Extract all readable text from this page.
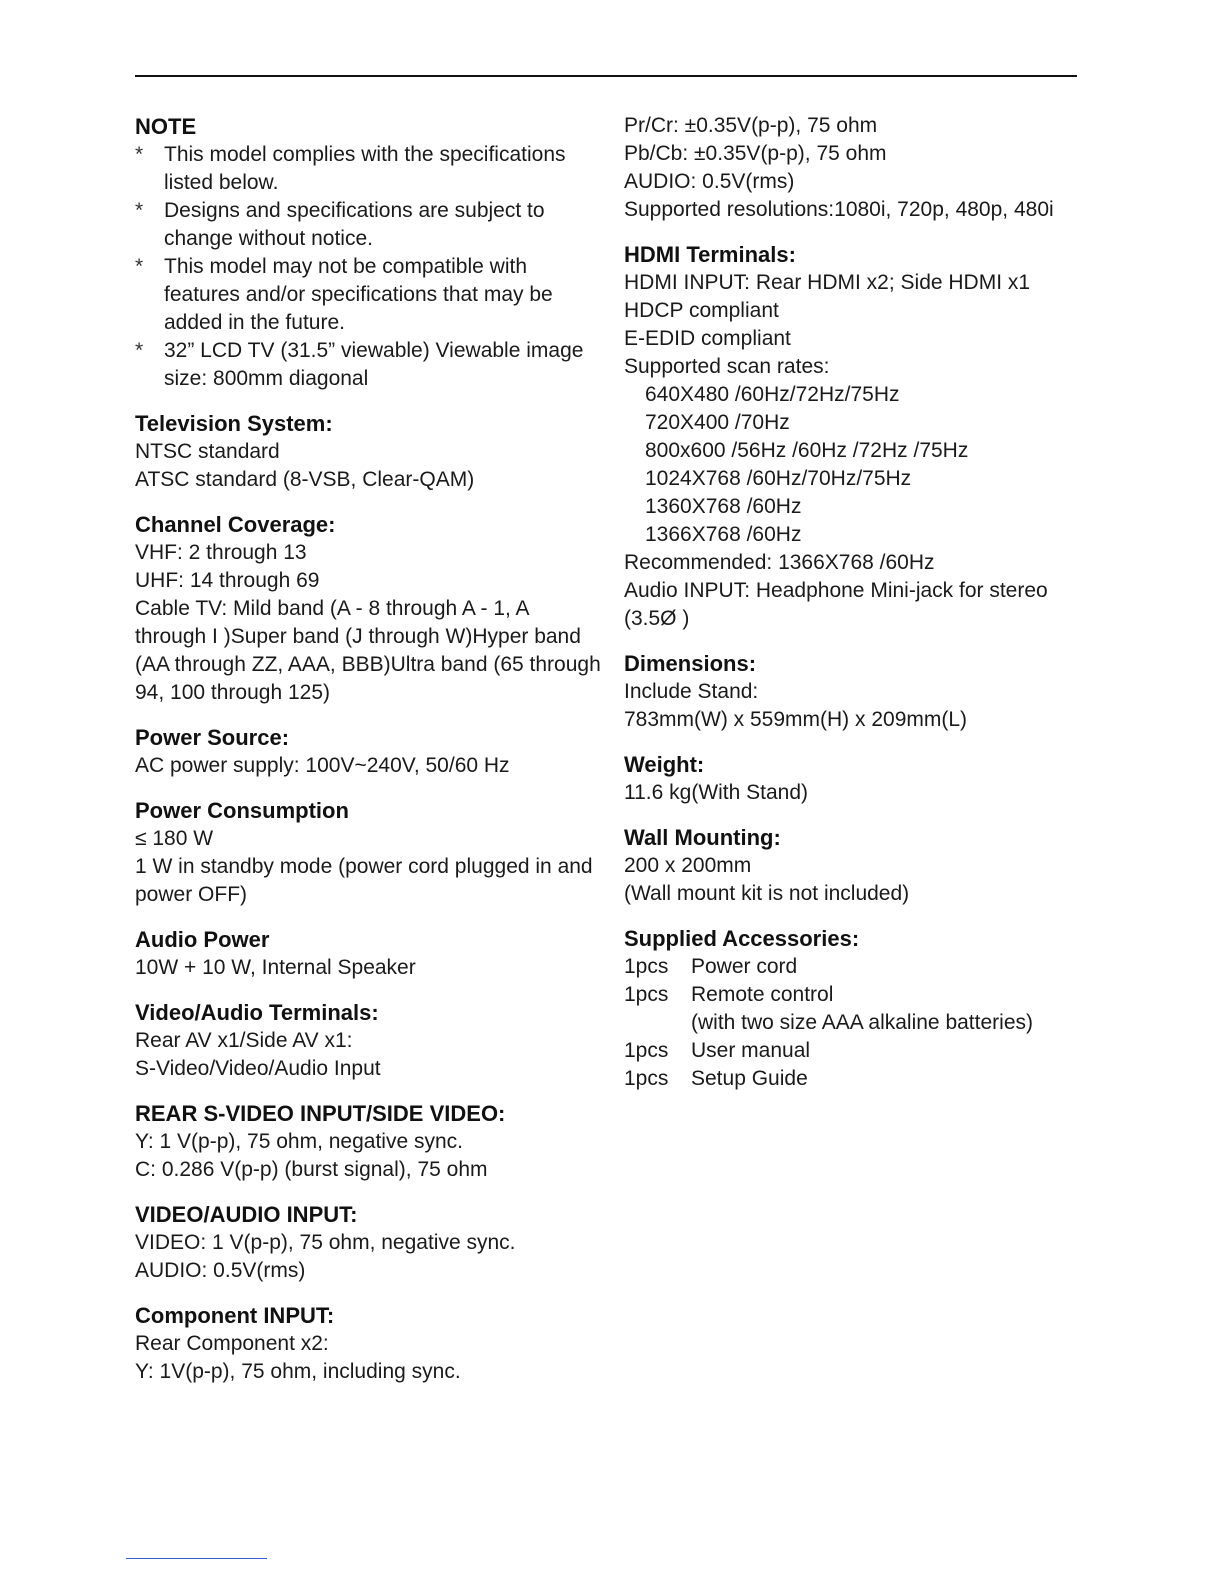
NOTE
* This model complies with the specifications listed below.
* Designs and specifications are subject to change without notice.
* This model may not be compatible with features and/or specifications that may be added in the future.
* 32” LCD TV (31.5” viewable) Viewable image size: 800mm diagonal
Television System:
NTSC standard
ATSC standard (8-VSB, Clear-QAM)
Channel Coverage:
VHF: 2 through 13
UHF: 14 through 69
Cable TV: Mild band (A - 8 through A - 1, A through I )Super band (J through W)Hyper band (AA through ZZ, AAA, BBB)Ultra band (65 through 94, 100 through 125)
Power Source:
AC power supply: 100V~240V, 50/60 Hz
Power Consumption
≤ 180 W
1 W in standby mode (power cord plugged in and power OFF)
Audio Power
10W + 10 W, Internal Speaker
Video/Audio Terminals:
Rear AV x1/Side AV x1:
S-Video/Video/Audio Input
REAR S-VIDEO INPUT/SIDE VIDEO:
Y: 1 V(p-p), 75 ohm, negative sync.
C: 0.286 V(p-p) (burst signal), 75 ohm
VIDEO/AUDIO INPUT:
VIDEO: 1 V(p-p), 75 ohm, negative sync.
AUDIO: 0.5V(rms)
Component INPUT:
Rear Component x2:
Y: 1V(p-p), 75 ohm, including sync.
Pr/Cr: ±0.35V(p-p), 75 ohm
Pb/Cb: ±0.35V(p-p), 75 ohm
AUDIO: 0.5V(rms)
Supported resolutions:1080i, 720p, 480p, 480i
HDMI Terminals:
HDMI INPUT: Rear HDMI x2; Side HDMI x1
HDCP compliant
E-EDID compliant
Supported scan rates:
640X480 /60Hz/72Hz/75Hz
720X400 /70Hz
800x600 /56Hz /60Hz /72Hz /75Hz
1024X768 /60Hz/70Hz/75Hz
1360X768 /60Hz
1366X768 /60Hz
Recommended: 1366X768 /60Hz
Audio INPUT: Headphone Mini-jack for stereo (3.5Ø )
Dimensions:
Include Stand:
783mm(W) x 559mm(H) x 209mm(L)
Weight:
11.6 kg(With Stand)
Wall Mounting:
200 x 200mm
(Wall mount kit is not included)
Supplied Accessories:
1pcs	Power cord
1pcs	Remote control
(with two size AAA alkaline batteries)
1pcs	User manual
1pcs	Setup Guide
